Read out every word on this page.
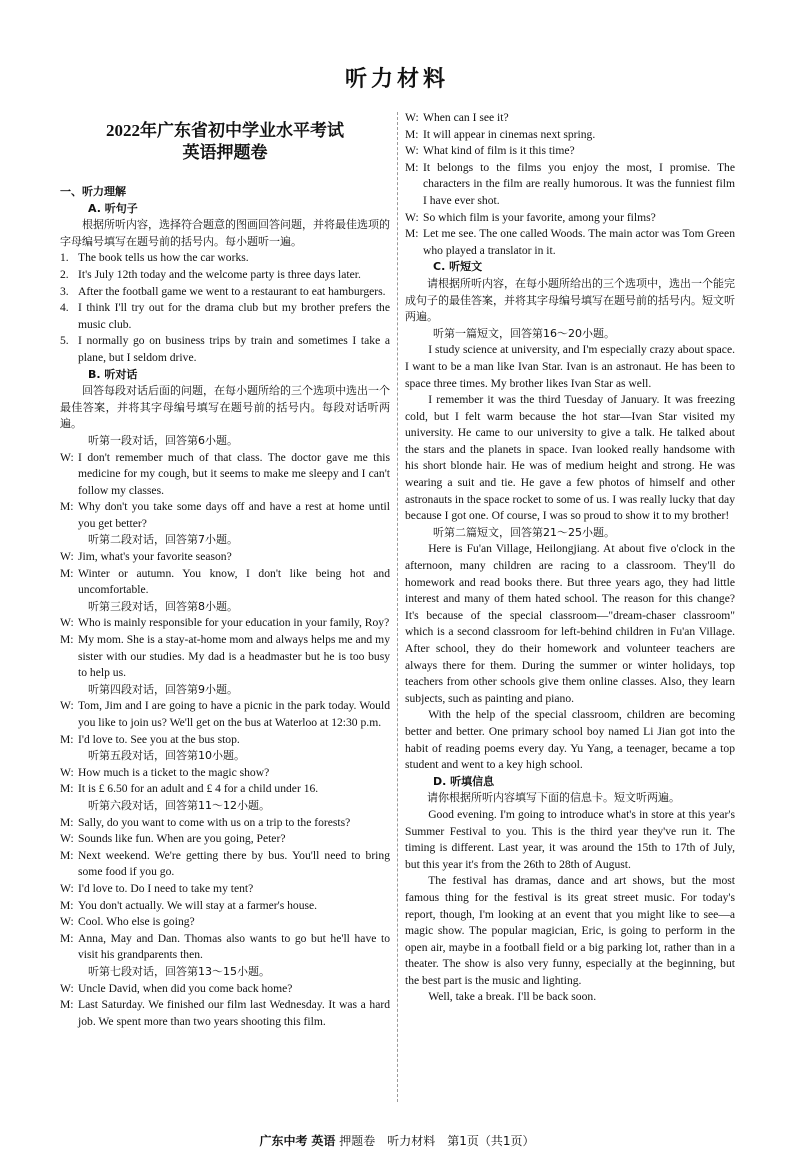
听力材料
2022年广东省初中学业水平考试
英语押题卷
一、听力理解
A. 听句子
根据所听内容，选择符合题意的图画回答问题，并将最佳选项的字母编号填写在题号前的括号内。每小题听一遍。
1. The book tells us how the car works.
2. It's July 12th today and the welcome party is three days later.
3. After the football game we went to a restaurant to eat hamburgers.
4. I think I'll try out for the drama club but my brother prefers the music club.
5. I normally go on business trips by train and sometimes I take a plane, but I seldom drive.
B. 听对话
回答每段对话后面的问题，在每小题所给的三个选项中选出一个最佳答案，并将其字母编号填写在题号前的括号内。每段对话听两遍。
听第一段对话，回答第6小题。
W: I don't remember much of that class. The doctor gave me this medicine for my cough, but it seems to make me sleepy and I can't follow my classes.
M: Why don't you take some days off and have a rest at home until you get better?
听第二段对话，回答第7小题。
W: Jim, what's your favorite season?
M: Winter or autumn. You know, I don't like being hot and uncomfortable.
听第三段对话，回答第8小题。
W: Who is mainly responsible for your education in your family, Roy?
M: My mom. She is a stay-at-home mom and always helps me and my sister with our studies. My dad is a headmaster but he is too busy to help us.
听第四段对话，回答第9小题。
W: Tom, Jim and I are going to have a picnic in the park today. Would you like to join us? We'll get on the bus at Waterloo at 12:30 p.m.
M: I'd love to. See you at the bus stop.
听第五段对话，回答第10小题。
W: How much is a ticket to the magic show?
M: It is £ 6.50 for an adult and £ 4 for a child under 16.
听第六段对话，回答第11～12小题。
M: Sally, do you want to come with us on a trip to the forests?
W: Sounds like fun. When are you going, Peter?
M: Next weekend. We're getting there by bus. You'll need to bring some food if you go.
W: I'd love to. Do I need to take my tent?
M: You don't actually. We will stay at a farmer's house.
W: Cool. Who else is going?
M: Anna, May and Dan. Thomas also wants to go but he'll have to visit his grandparents then.
听第七段对话，回答第13～15小题。
W: Uncle David, when did you come back home?
M: Last Saturday. We finished our film last Wednesday. It was a hard job. We spent more than two years shooting this film.
W: When can I see it?
M: It will appear in cinemas next spring.
W: What kind of film is it this time?
M: It belongs to the films you enjoy the most, I promise. The characters in the film are really humorous. It was the funniest film I have ever shot.
W: So which film is your favorite, among your films?
M: Let me see. The one called Woods. The main actor was Tom Green who played a translator in it.
C. 听短文
请根据所听内容，在每小题所给出的三个选项中，选出一个能完成句子的最佳答案，并将其字母编号填写在题号前的括号内。短文听两遍。
听第一篇短文，回答第16～20小题。
I study science at university, and I'm especially crazy about space. I want to be a man like Ivan Star. Ivan is an astronaut. He has been to space three times. My brother likes Ivan Star as well.
I remember it was the third Tuesday of January. It was freezing cold, but I felt warm because the hot star—Ivan Star visited my university. He came to our university to give a talk. He talked about the stars and the planets in space. Ivan looked really handsome with his short blonde hair. He was of medium height and strong. He was wearing a suit and tie. He gave a few photos of himself and other astronauts in the space rocket to some of us. I was really lucky that day because I got one. Of course, I was so proud to show it to my brother!
听第二篇短文，回答第21～25小题。
Here is Fu'an Village, Heilongjiang. At about five o'clock in the afternoon, many children are racing to a classroom. They'll do homework and read books there. But three years ago, they had little interest and many of them hated school. The reason for this change? It's because of the special classroom—"dream-chaser classroom" which is a second classroom for left-behind children in Fu'an Village. After school, they do their homework and volunteer teachers are always there for them. During the summer or winter holidays, top teachers from other schools give them online classes. Also, they learn subjects, such as painting and piano.
With the help of the special classroom, children are becoming better and better. One primary school boy named Li Jian got into the habit of reading poems every day. Yu Yang, a teenager, became a top student and went to a key high school.
D. 听填信息
请你根据所听内容填写下面的信息卡。短文听两遍。
Good evening. I'm going to introduce what's in store at this year's Summer Festival to you. This is the third year they've run it. The timing is different. Last year, it was around the 15th to 17th of July, but this year it's from the 26th to 28th of August.
The festival has dramas, dance and art shows, but the most famous thing for the festival is its great street music. For today's report, though, I'm looking at an event that you might like to see—a magic show. The popular magician, Eric, is going to perform in the open air, maybe in a football field or a big parking lot, rather than in a theater. The show is also very funny, especially at the beginning, but the best part is the music and lighting.
Well, take a break. I'll be back soon.
广东中考 英语 押题卷　听力材料　第1页（共1页）
